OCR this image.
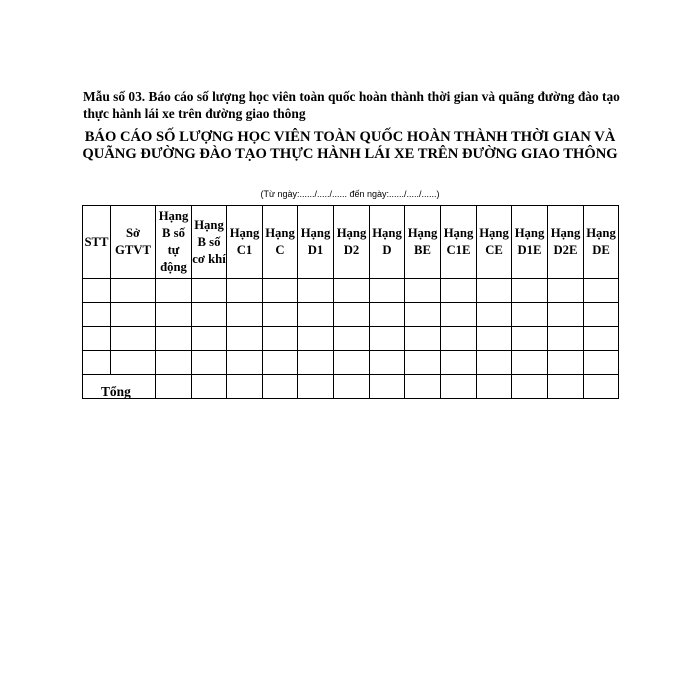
Mẫu số 03. Báo cáo số lượng học viên toàn quốc hoàn thành thời gian và quãng đường đào tạo thực hành lái xe trên đường giao thông
BÁO CÁO SỐ LƯỢNG HỌC VIÊN TOÀN QUỐC HOÀN THÀNH THỜI GIAN VÀ QUÃNG ĐƯỜNG ĐÀO TẠO THỰC HÀNH LÁI XE TRÊN ĐƯỜNG GIAO THÔNG
(Từ ngày:....../...../...... đến ngày:....../...../......)
STT	Sở GTVT	Hạng B số tự động	Hạng B số cơ khí	Hạng C1	Hạng C	Hạng D1	Hạng D2	Hạng D	Hạng BE	Hạng C1E	Hạng CE	Hạng D1E	Hạng D2E	Hạng DE

Tổng														
